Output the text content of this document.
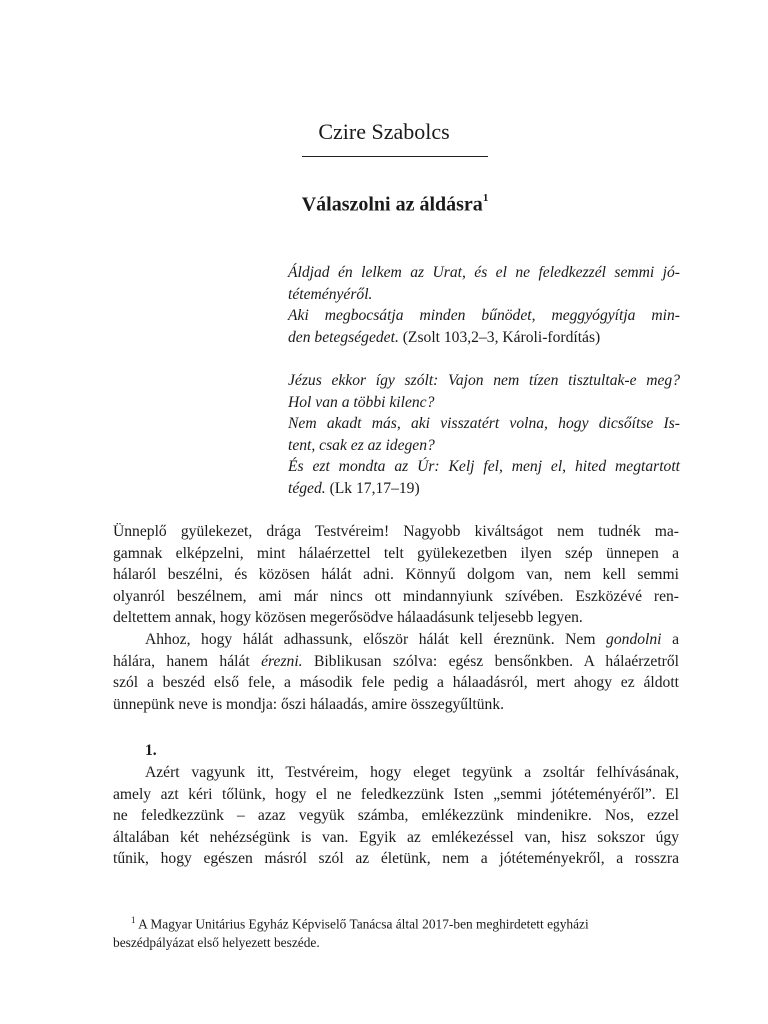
Czire Szabolcs
Válaszolni az áldásra$^1$
Áldjad én lelkem az Urat, és el ne feledkezzél semmi jó-
téteményéről.
Aki megbocsátja minden bűnödet, meggyógyítja min-
den betegségedet. (Zsolt 103,2–3, Károli-fordítás)
Jézus ekkor így szólt: Vajon nem tízen tisztultak-e meg?
Hol van a többi kilenc?
Nem akadt más, aki visszatért volna, hogy dicsőítse Is-
tent, csak ez az idegen?
És ezt mondta az Úr: Kelj fel, menj el, hited megtartott
téged. (Lk 17,17–19)
Ünneplő gyülekezet, drága Testvéreim! Nagyobb kiváltságot nem tudnék ma-
gamnak elképzelni, mint hálaérzettel telt gyülekezetben ilyen szép ünnepen a
hálaról beszélni, és közösen hálát adni. Könnyű dolgom van, nem kell semmi
olyanról beszélnem, ami már nincs ott mindannyiunk szívében. Eszközévé ren-
deltettem annak, hogy közösen megerősödve hálaadásunk teljesebb legyen.
Ahhoz, hogy hálát adhassunk, először hálát kell éreznünk. Nem gondolni a
hálára, hanem hálát érezni. Biblikusan szólva: egész bensőnkben. A hálaérzetről
szól a beszéd első fele, a második fele pedig a hálaadásról, mert ahogy ez áldott
ünnepünk neve is mondja: őszi hálaadás, amire összegyűltünk.
1.
Azért vagyunk itt, Testvéreim, hogy eleget tegyünk a zsoltár felhívásának,
amely azt kéri tőlünk, hogy el ne feledkezzünk Isten „semmi jótéteményéről”. El
ne feledkezzünk – azaz vegyük számba, emlékezzünk mindenikre. Nos, ezzel
általában két nehézségünk is van. Egyik az emlékezéssel van, hisz sokszor úgy
tűnik, hogy egészen másról szól az életünk, nem a jótéteményekről, a rosszra
$^1$ A Magyar Unitárius Egyház Képviselő Tanácsa által 2017-ben meghirdetett egyházi
beszédpályázat első helyezett beszéde.
